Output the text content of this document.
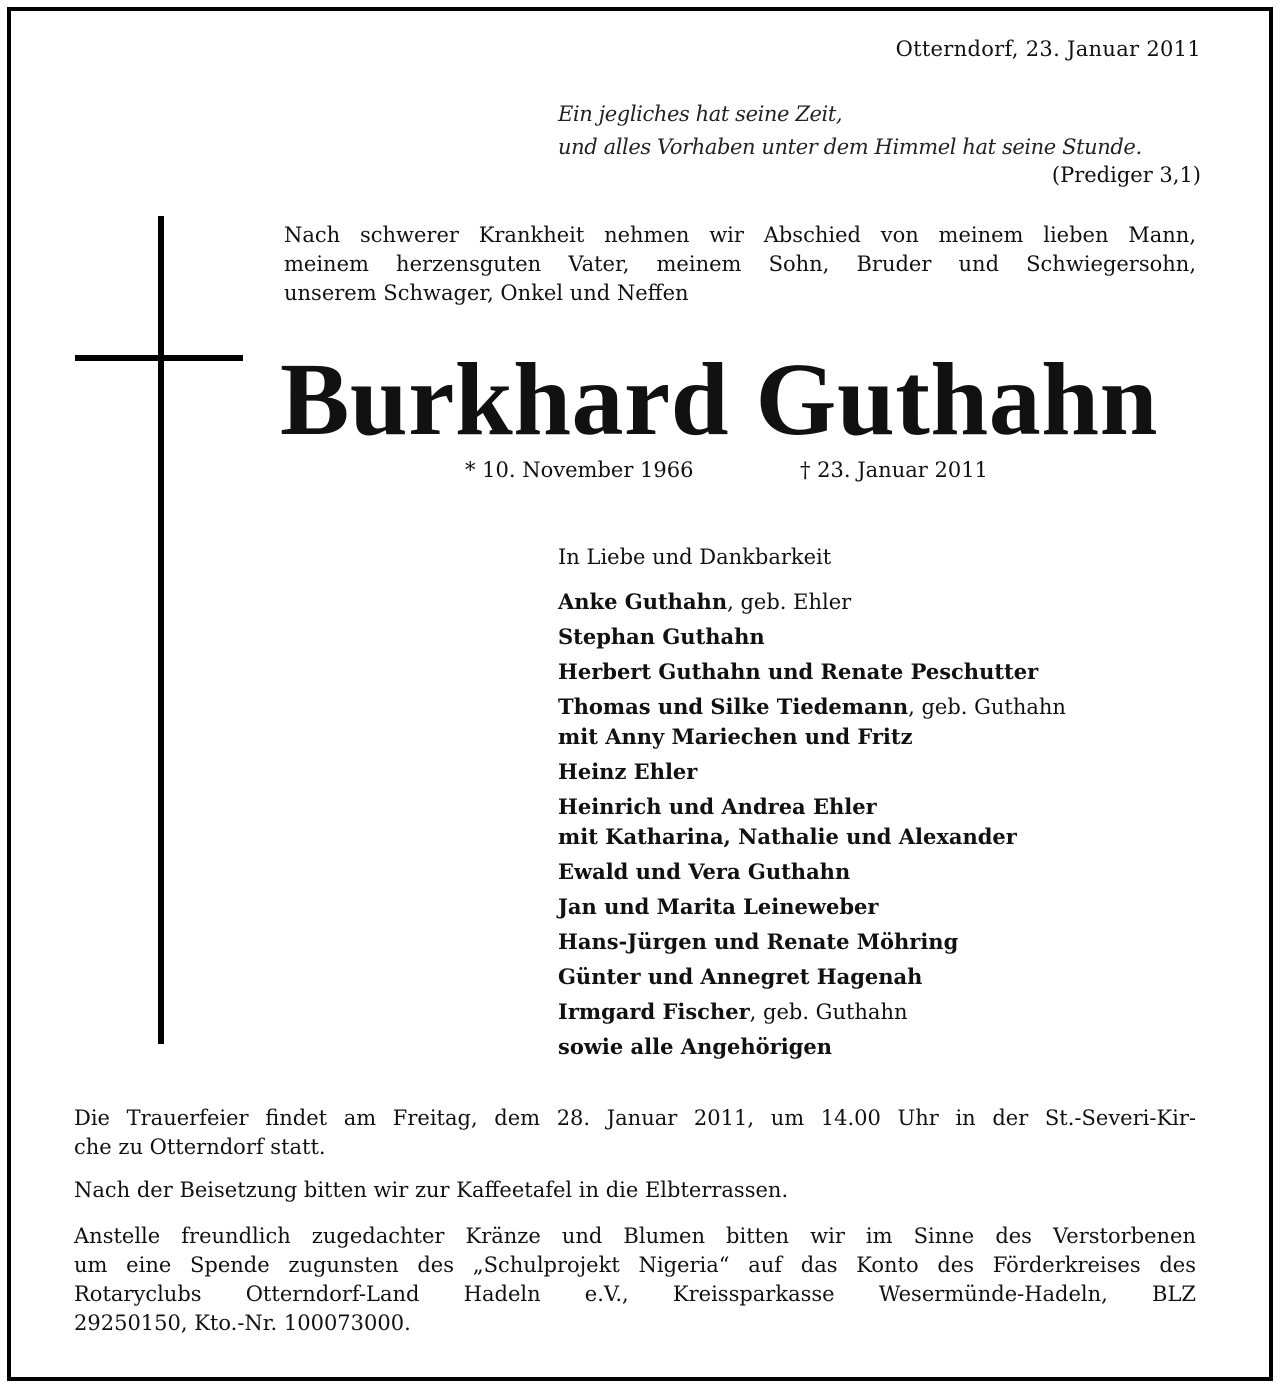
Otterndorf, 23. Januar 2011
Ein jegliches hat seine Zeit,
und alles Vorhaben unter dem Himmel hat seine Stunde.
(Prediger 3,1)
Nach schwerer Krankheit nehmen wir Abschied von meinem lieben Mann,
meinem herzensguten Vater, meinem Sohn, Bruder und Schwiegersohn,
unserem Schwager, Onkel und Neffen
Burkhard Guthahn
* 10. November 1966	† 23. Januar 2011
In Liebe und Dankbarkeit
Anke Guthahn, geb. Ehler
Stephan Guthahn
Herbert Guthahn und Renate Peschutter
Thomas und Silke Tiedemann, geb. Guthahn
mit Anny Mariechen und Fritz
Heinz Ehler
Heinrich und Andrea Ehler
mit Katharina, Nathalie und Alexander
Ewald und Vera Guthahn
Jan und Marita Leineweber
Hans-Jürgen und Renate Möhring
Günter und Annegret Hagenah
Irmgard Fischer, geb. Guthahn
sowie alle Angehörigen
Die Trauerfeier findet am Freitag, dem 28. Januar 2011, um 14.00 Uhr in der St.-Severi-Kir-
che zu Otterndorf statt.
Nach der Beisetzung bitten wir zur Kaffeetafel in die Elbterrassen.
Anstelle freundlich zugedachter Kränze und Blumen bitten wir im Sinne des Verstorbenen
um eine Spende zugunsten des „Schulprojekt Nigeria“ auf das Konto des Förderkreises des
Rotaryclubs Otterndorf-Land Hadeln e.V., Kreissparkasse Wesermünde-Hadeln, BLZ
29250150, Kto.-Nr. 100073000.
